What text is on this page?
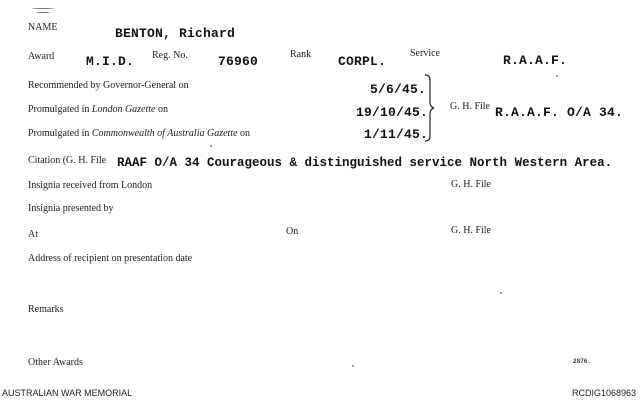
NAME	BENTON, Richard
Award M.I.D. Reg. No. 76960	Rank CORPL.
Service	R.A.A.F.
Recommended by Governor-General on	5/6/45.
Promulgated in London Gazette on	19/10/45. G. H. File R.A.A.F. O/A 34.
Promulgated in Commonwealth of Australia Gazette on	1/11/45.
Citation (G. H. File RAAF O/A 34 Courageous & distinguished service North Western Area.
Insignia received from London	G. H. File
Insignia presented by
At	On	G. H. File
Address of recipient on presentation date
Remarks
Other Awards	2876.
AUSTRALIAN WAR MEMORIAL	RCDIG1068963
